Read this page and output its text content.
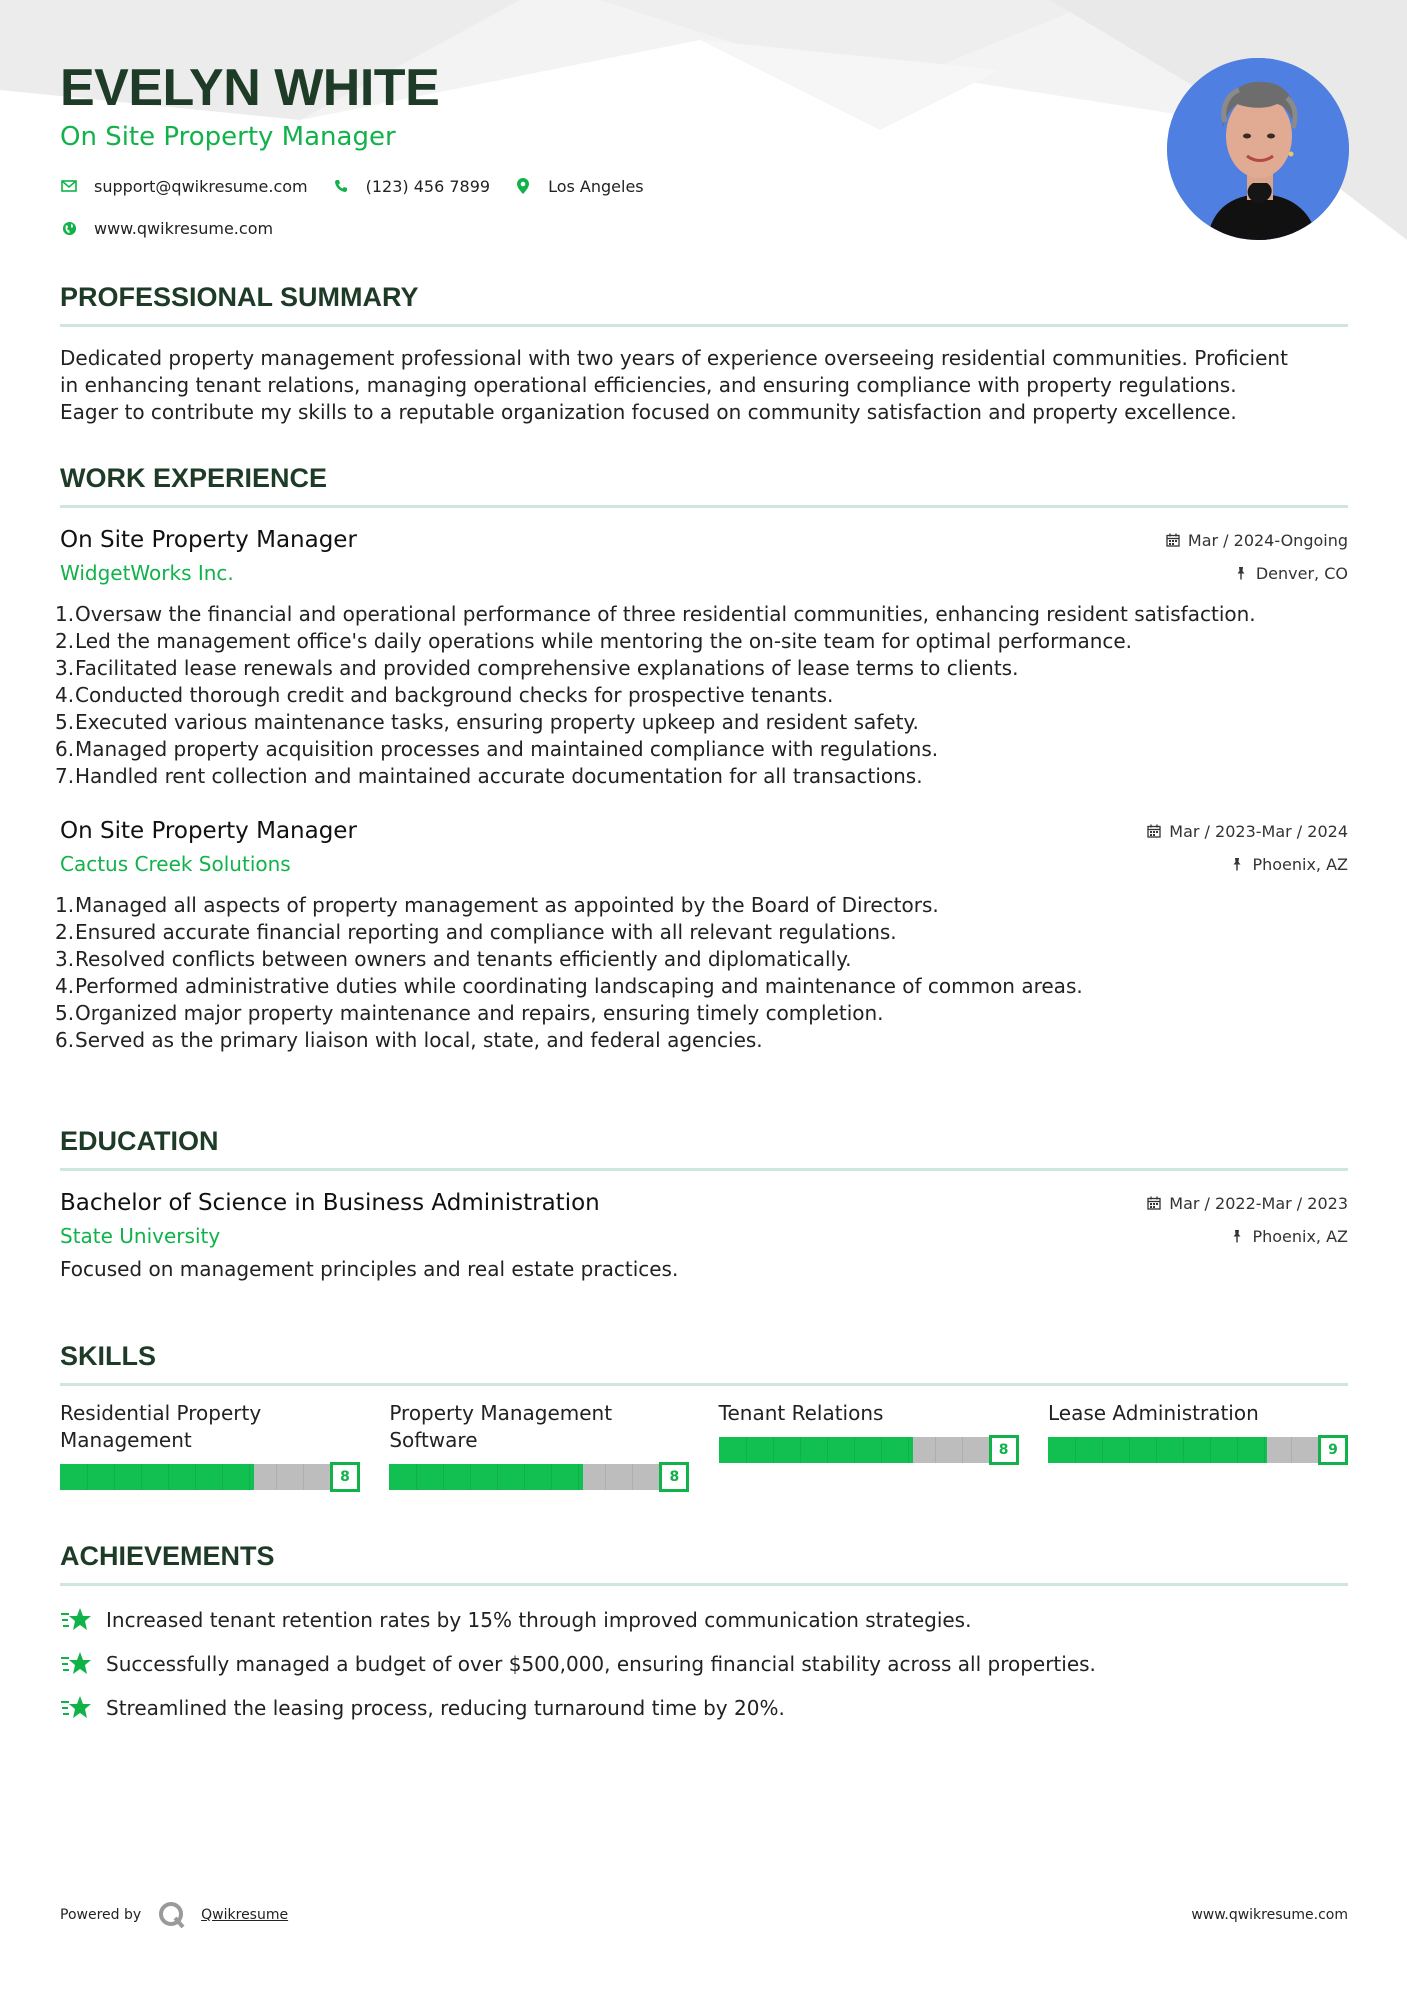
EVELYN WHITE
On Site Property Manager
support@qwikresume.com	(123) 456 7899	Los Angeles
www.qwikresume.com
PROFESSIONAL SUMMARY
Dedicated property management professional with two years of experience overseeing residential communities. Proficient
in enhancing tenant relations, managing operational efficiencies, and ensuring compliance with property regulations.
Eager to contribute my skills to a reputable organization focused on community satisfaction and property excellence.
WORK EXPERIENCE
On Site Property Manager
WidgetWorks Inc.
Mar / 2024-Ongoing
Denver, CO
1. Oversaw the financial and operational performance of three residential communities, enhancing resident satisfaction.
2. Led the management office's daily operations while mentoring the on-site team for optimal performance.
3. Facilitated lease renewals and provided comprehensive explanations of lease terms to clients.
4. Conducted thorough credit and background checks for prospective tenants.
5. Executed various maintenance tasks, ensuring property upkeep and resident safety.
6. Managed property acquisition processes and maintained compliance with regulations.
7. Handled rent collection and maintained accurate documentation for all transactions.
On Site Property Manager
Cactus Creek Solutions
Mar / 2023-Mar / 2024
Phoenix, AZ
1. Managed all aspects of property management as appointed by the Board of Directors.
2. Ensured accurate financial reporting and compliance with all relevant regulations.
3. Resolved conflicts between owners and tenants efficiently and diplomatically.
4. Performed administrative duties while coordinating landscaping and maintenance of common areas.
5. Organized major property maintenance and repairs, ensuring timely completion.
6. Served as the primary liaison with local, state, and federal agencies.
EDUCATION
Bachelor of Science in Business Administration
State University
Mar / 2022-Mar / 2023
Phoenix, AZ
Focused on management principles and real estate practices.
SKILLS
Residential Property
Management
8
Property Management
Software
8
Tenant Relations
8
Lease Administration
9
ACHIEVEMENTS
Increased tenant retention rates by 15% through improved communication strategies.
Successfully managed a budget of over $500,000, ensuring financial stability across all properties.
Streamlined the leasing process, reducing turnaround time by 20%.
Powered by	Qwikresume	www.qwikresume.com
